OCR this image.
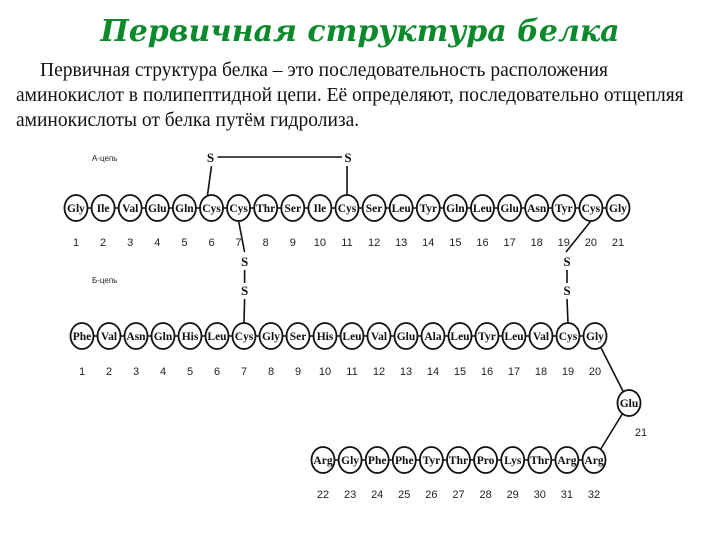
Первичная структура белка

Первичная структура белка – это последовательность расположения аминокислот в полипептидной цепи. Её определяют, последовательно отщепляя аминокислоты от белка путём гидролиза.

А-цепь
Б-цепь
Gly Ile Val Glu Gln Cys Cys Thr Ser Ile Cys Ser Leu Tyr Gln Leu Glu Asn Tyr Cys Gly
1 2 3 4 5 6 7 8 9 10 11 12 13 14 15 16 17 18 19 20 21
Phe Val Asn Gln His Leu Cys Gly Ser His Leu Val Glu Ala Leu Tyr Leu Val Cys Gly
1 2 3 4 5 6 7 8 9 10 11 12 13 14 15 16 17 18 19 20
Glu
21
Arg
Arg
Thr
Lys
Pro
Thr
Tyr
Phe
Phe
Gly
Arg
32
31
30
29
28
27
26
25
24
23
22
S	S
S
S
S
S
